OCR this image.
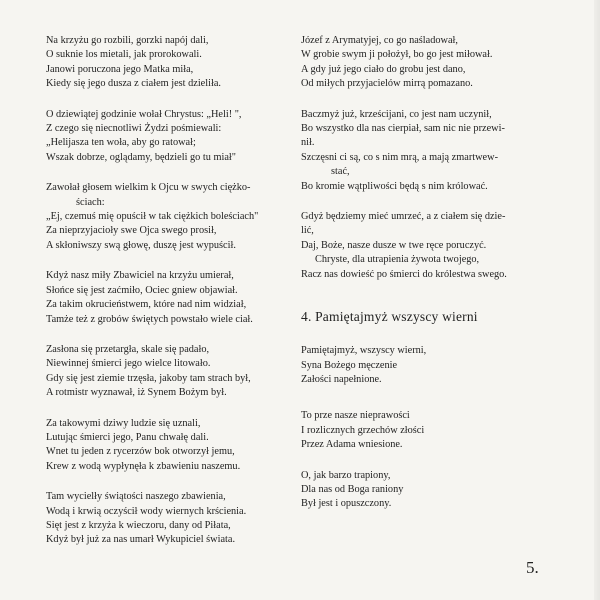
Na krzyżu go rozbili, gorzki napój dali,
O suknie los mietali, jak prorokowali.
Janowi poruczona jego Matka miła,
Kiedy się jego dusza z ciałem jest dzieliła.
O dziewiątej godzinie wołał Chrystus: „Heli! ",
Z czego się niecnotliwi Żydzi pośmiewali:
„Helijasza ten woła, aby go ratował;
Wszak dobrze, oglądamy, będzieli go tu miał"
Zawołał głosem wielkim k Ojcu w swych ciężko-
ściach:
„Ej, czemuś mię opuścił w tak ciężkich boleściach"
Za nieprzyjacioły swe Ojca swego prosił,
A skłoniwszy swą głowę, duszę jest wypuścił.
Kdyż nasz miły Zbawiciel na krzyżu umierał,
Słońce się jest zaćmiło, Ociec gniew objawiał.
Za takim okrucieństwem, które nad nim widział,
Tamże też z grobów świętych powstało wiele ciał.
Zasłona się przetargła, skale się padało,
Niewinnej śmierci jego wielce litowało.
Gdy się jest ziemie trzęsła, jakoby tam strach był,
A rotmistr wyznawał, iż Synem Bożym był.
Za takowymi dziwy ludzie się uznali,
Lutując śmierci jego, Panu chwałę dali.
Wnet tu jeden z rycerzów bok otworzył jemu,
Krew z wodą wypłynęła k zbawieniu naszemu.
Tam wycielły świątości naszego zbawienia,
Wodą i krwią oczyścił wody wiernych krścienia.
Sięt jest z krzyża k wieczoru, dany od Piłata,
Kdyż był już za nas umarł Wykupiciel świata.
Józef z Arymatyjej, co go naśladował,
W grobie swym ji położył, bo go jest miłował.
A gdy już jego ciało do grobu jest dano,
Od miłych przyjacielów mirrą pomazano.
Baczmyż już, krześcijani, co jest nam uczynił,
Bo wszystko dla nas cierpiał, sam nic nie przewi-
nił.
Szczęsni ci są, co s nim mrą, a mają zmartwew-
stać,
Bo kromie wątpliwości będą s nim królować.
Gdyż będziemy mieć umrzeć, a z ciałem się dzie-
lić,
Daj, Boże, nasze dusze w twe ręce poruczyć.
Chryste, dla utrapienia żywota twojego,
Racz nas dowieść po śmierci do królestwa swego.
4. Pamiętajmyż wszyscy wierni
Pamiętajmyż, wszyscy wierni,
Syna Bożego męczenie
Załości napełnione.
To prze nasze nieprawości
I rozlicznych grzechów złości
Przez Adama wniesione.
O, jak barzo trapiony,
Dla nas od Boga raniony
Był jest i opuszczony.
5.
